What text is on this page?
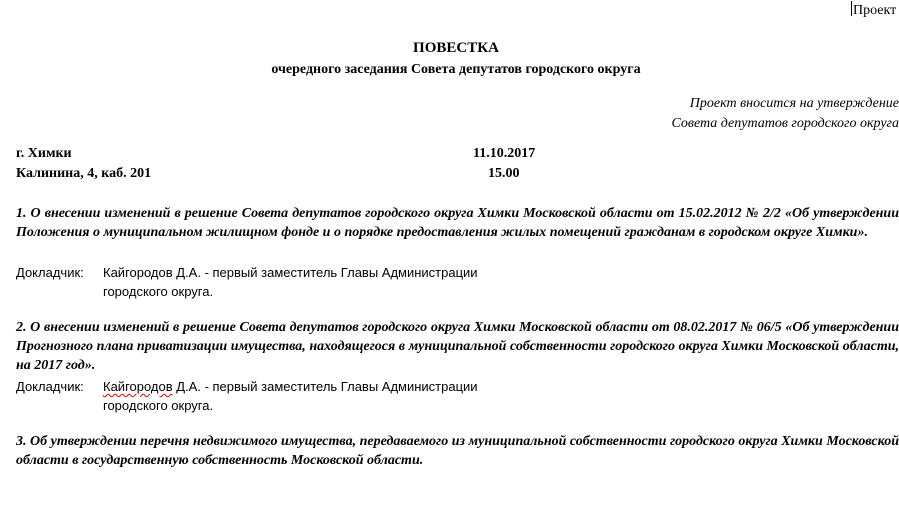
Проект
ПОВЕСТКА
очередного заседания Совета депутатов городского округа
Проект вносится на утверждение
Совета депутатов городского округа
г. Химки
Калинина, 4, каб. 201
11.10.2017
15.00
1. О внесении изменений в решение Совета депутатов городского округа Химки Московской области от 15.02.2012 № 2/2 «Об утверждении Положения о муниципальном жилищном фонде и о порядке предоставления жилых помещений гражданам в городском округе Химки».
Докладчик: Кайгородов Д.А. - первый заместитель Главы Администрации городского округа.
2. О внесении изменений в решение Совета депутатов городского округа Химки Московской области от 08.02.2017 № 06/5 «Об утверждении Прогнозного плана приватизации имущества, находящегося в муниципальной собственности городского округа Химки Московской области, на 2017 год».
Докладчик: Кайгородов Д.А. - первый заместитель Главы Администрации городского округа.
3. Об утверждении перечня недвижимого имущества, передаваемого из муниципальной собственности городского округа Химки Московской области в государственную собственность Московской области.
